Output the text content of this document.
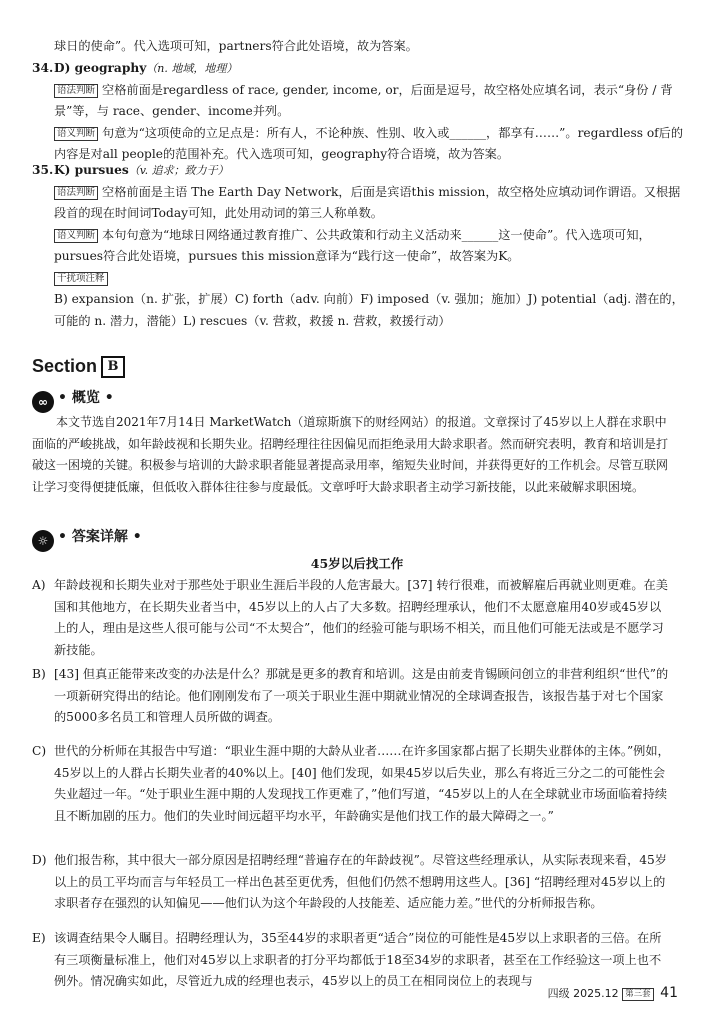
球日的使命”。代入选项可知，partners符合此处语境，故为答案。

34.D) geography（n. 地域，地理）

语法判断 空格前面是regardless of race, gender, income, or，后面是逗号，故空格处应填名词，表示“身份 / 背景”等，与 race、gender、income并列。

语义判断 句意为“这项使命的立足点是：所有人，不论种族、性别、收入或______，都享有……”。regardless of后的内容是对all people的范围补充。代入选项可知，geography符合语境，故为答案。

35.K) pursues（v. 追求；致力于）

语法判断 空格前面是主语 The Earth Day Network，后面是宾语this mission，故空格处应填动词作谓语。又根据段首的现在时间词Today可知，此处用动词的第三人称单数。

语义判断 本句句意为“地球日网络通过教育推广、公共政策和行动主义活动来______这一使命”。代入选项可知，pursues符合此处语境，pursues this mission意译为“践行这一使命”，故答案为K。

干扰项注释

B) expansion（n. 扩张，扩展）C) forth（adv. 向前）F) imposed（v. 强加；施加）J) potential（adj. 潜在的，可能的 n. 潜力，潜能）L) rescues（v. 营救，救援 n. 营救，救援行动）

Section B
∞ • 概览 •

本文节选自2021年7月14日 MarketWatch（道琼斯旗下的财经网站）的报道。文章探讨了45岁以上人群在求职中面临的严峻挑战，如年龄歧视和长期失业。招聘经理往往因偏见而拒绝录用大龄求职者。然而研究表明，教育和培训是打破这一困境的关键。积极参与培训的大龄求职者能显著提高录用率，缩短失业时间，并获得更好的工作机会。尽管互联网让学习变得便捷低廉，但低收入群体往往参与度最低。文章呼吁大龄求职者主动学习新技能，以此来破解求职困境。

☼ • 答案详解 •

45岁以后找工作

A) 年龄歧视和长期失业对于那些处于职业生涯后半段的人危害最大。[37] 转行很难，而被解雇后再就业则更难。在美国和其他地方，在长期失业者当中，45岁以上的人占了大多数。招聘经理承认，他们不太愿意雇用40岁或45岁以上的人，理由是这些人很可能与公司“不太契合”，他们的经验可能与职场不相关，而且他们可能无法或是不愿学习新技能。
B) [43] 但真正能带来改变的办法是什么？那就是更多的教育和培训。这是由前麦肯锡顾问创立的非营利组织“世代”的一项新研究得出的结论。他们刚刚发布了一项关于职业生涯中期就业情况的全球调查报告，该报告基于对七个国家的5000多名员工和管理人员所做的调查。
C) 世代的分析师在其报告中写道：“职业生涯中期的大龄从业者……在许多国家都占据了长期失业群体的主体。”例如，45岁以上的人群占长期失业者的40%以上。[40] 他们发现，如果45岁以后失业，那么有将近三分之二的可能性会失业超过一年。“处于职业生涯中期的人发现找工作更难了，”他们写道，“45岁以上的人在全球就业市场面临着持续且不断加剧的压力。他们的失业时间远超平均水平，年龄确实是他们找工作的最大障碍之一。”
D) 他们报告称，其中很大一部分原因是招聘经理“普遍存在的年龄歧视”。尽管这些经理承认，从实际表现来看，45岁以上的员工平均而言与年轻员工一样出色甚至更优秀，但他们仍然不想聘用这些人。[36] “招聘经理对45岁以上的求职者存在强烈的认知偏见——他们认为这个年龄段的人技能差、适应能力差。”世代的分析师报告称。
E) 该调查结果令人瞩目。招聘经理认为，35至44岁的求职者更“适合”岗位的可能性是45岁以上求职者的三倍。在所有三项衡量标准上，他们对45岁以上求职者的打分平均都低于18至34岁的求职者，甚至在工作经验这一项上也不例外。情况确实如此，尽管近九成的经理也表示，45岁以上的员工在相同岗位上的表现与
四级 2025.12 第三套 41
